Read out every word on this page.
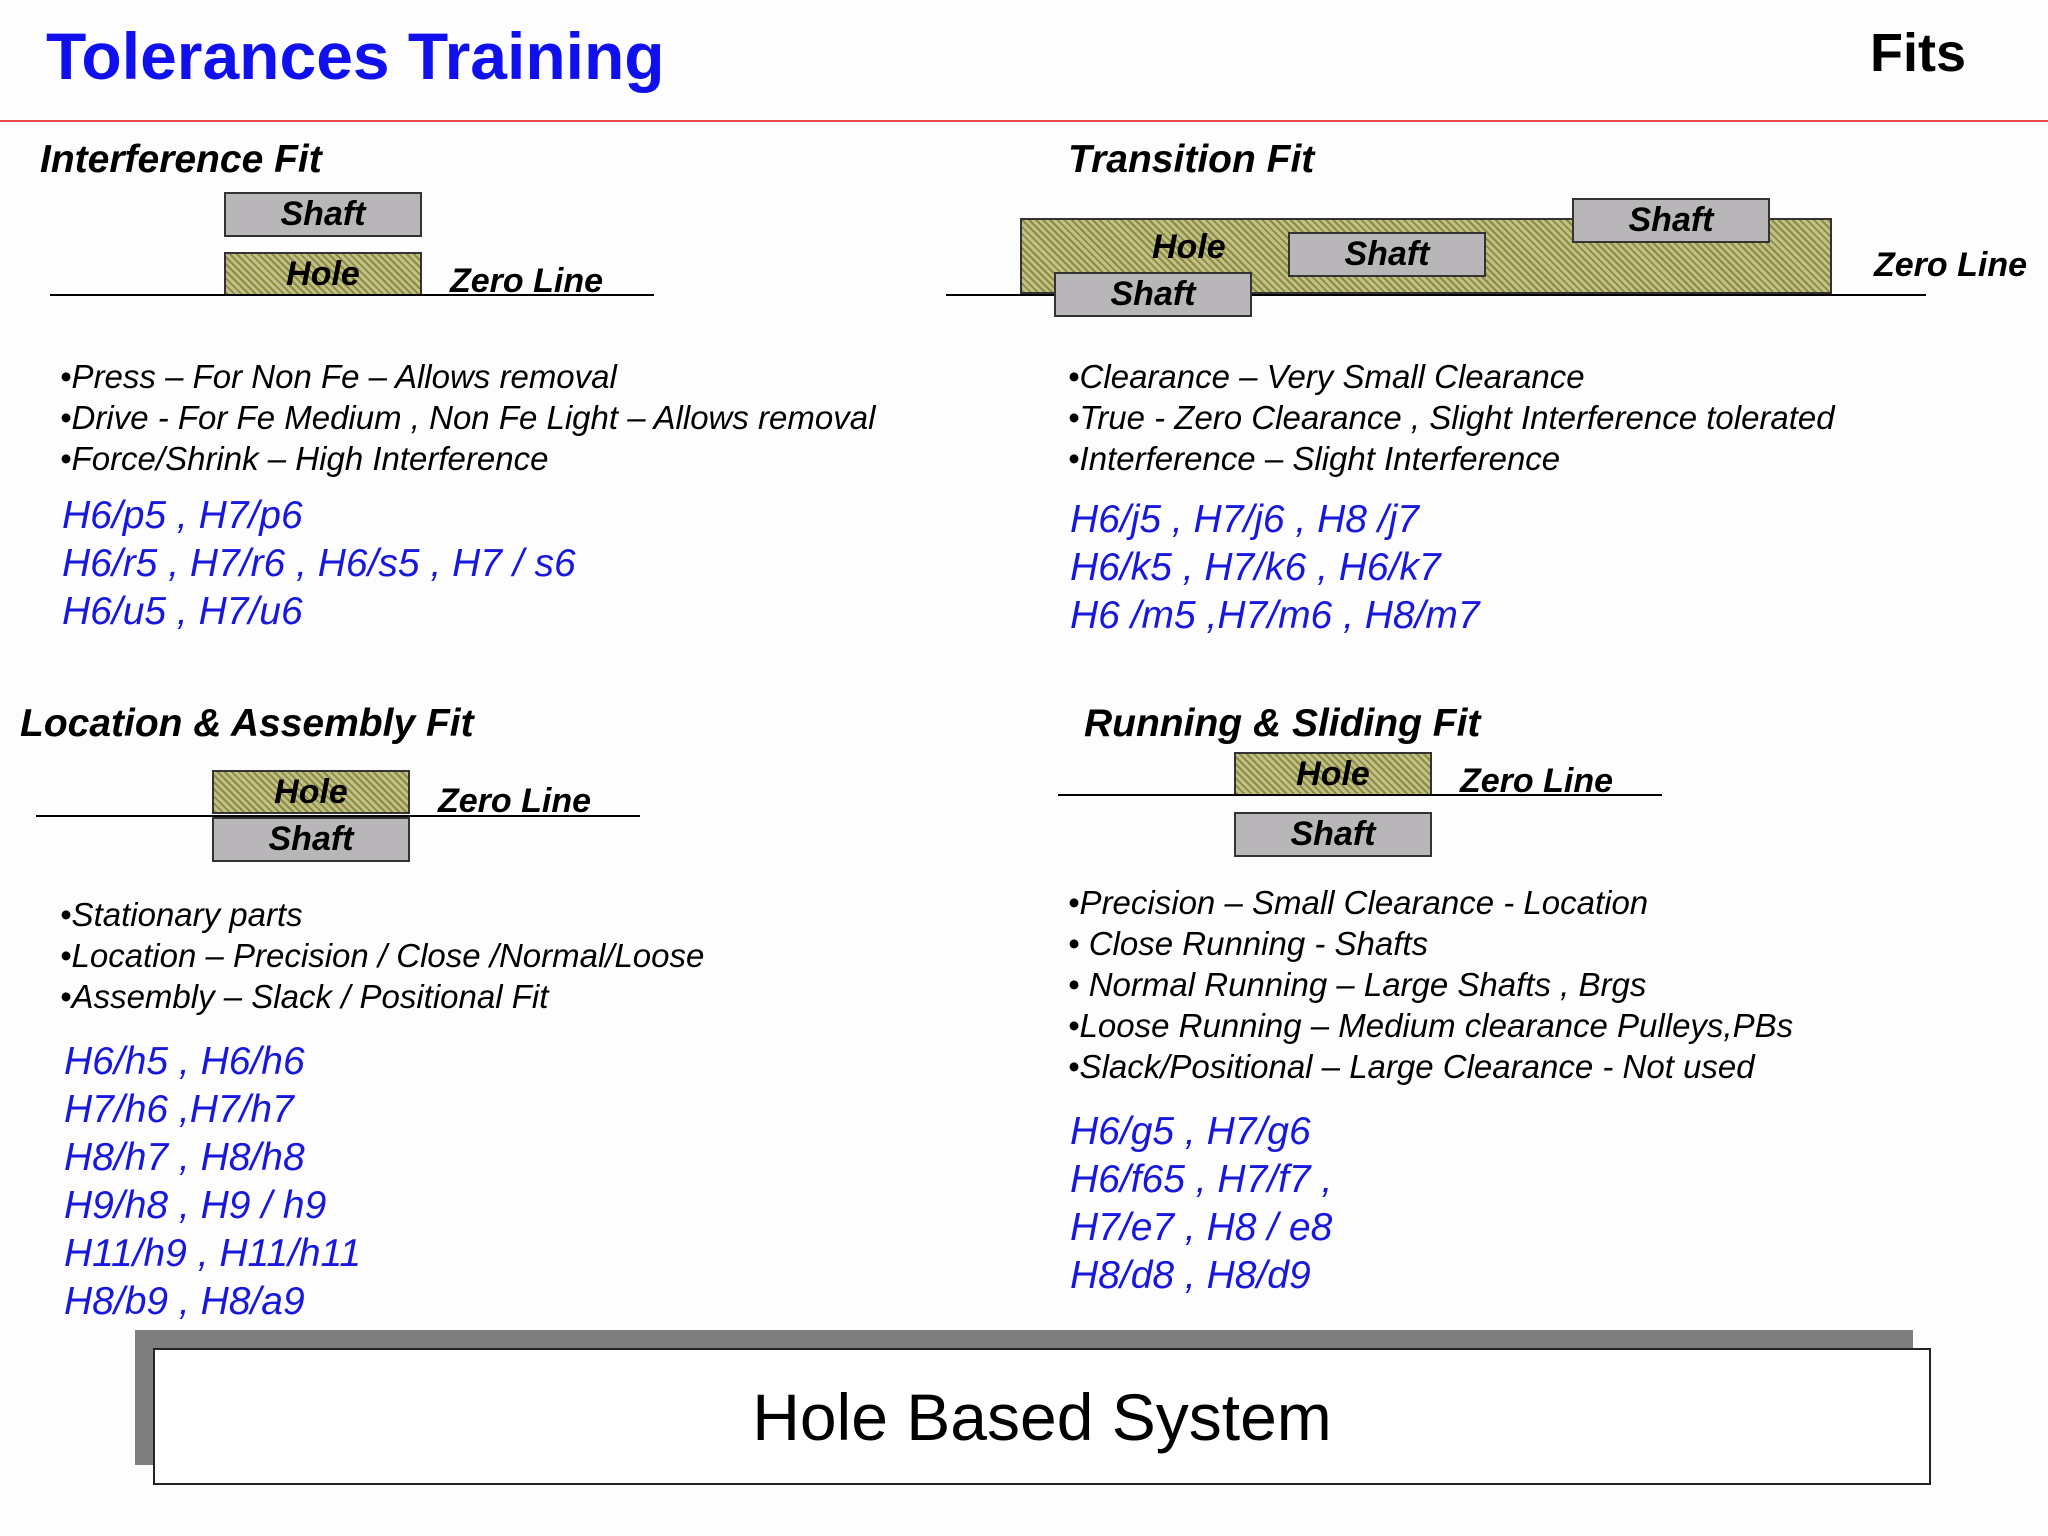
Tolerances Training	Fits
Interference Fit
Shaft
Hole	Zero Line
•Press – For Non Fe – Allows removal
•Drive - For Fe Medium , Non Fe Light – Allows removal
•Force/Shrink – High Interference
H6/p5 , H7/p6
H6/r5 , H7/r6 , H6/s5 , H7 / s6
H6/u5 , H7/u6
Transition Fit
Hole	Shaft
Shaft
Shaft
Zero Line
•Clearance – Very Small Clearance
•True - Zero Clearance , Slight Interference tolerated
•Interference – Slight Interference
H6/j5 , H7/j6 , H8 /j7
H6/k5 , H7/k6 , H6/k7
H6 /m5 ,H7/m6 , H8/m7
Location & Assembly Fit
Hole
Shaft
Zero Line
•Stationary parts
•Location – Precision / Close /Normal/Loose
•Assembly – Slack / Positional Fit
H6/h5 , H6/h6
H7/h6 ,H7/h7
H8/h7 , H8/h8
H9/h8 , H9 / h9
H11/h9 , H11/h11
H8/b9 , H8/a9
Running & Sliding Fit
Hole	Zero Line
Shaft
•Precision – Small Clearance - Location
• Close Running - Shafts
• Normal Running – Large Shafts , Brgs
•Loose Running – Medium clearance Pulleys,PBs
•Slack/Positional – Large Clearance - Not used
H6/g5 , H7/g6
H6/f65 , H7/f7 ,
H7/e7 , H8 / e8
H8/d8 , H8/d9
Hole Based System
